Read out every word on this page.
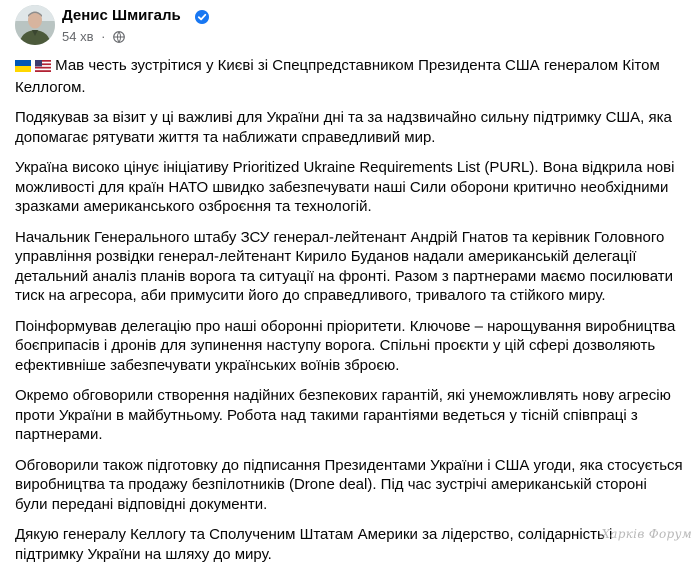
Денис Шмигаль
54 хв ·

Мав честь зустрітися у Києві зі Спецпредставником Президента США генералом Кітом Келлогом.

Подякував за візит у ці важливі для України дні та за надзвичайно сильну підтримку США, яка допомагає рятувати життя та наближати справедливий мир.

Україна високо цінує ініціативу Prioritized Ukraine Requirements List (PURL). Вона відкрила нові можливості для країн НАТО швидко забезпечувати наші Сили оборони критично необхідними зразками американського озброєння та технологій.

Начальник Генерального штабу ЗСУ генерал-лейтенант Андрій Гнатов та керівник Головного управління розвідки генерал-лейтенант Кирило Буданов надали американській делегації детальний аналіз планів ворога та ситуації на фронті. Разом з партнерами маємо посилювати тиск на агресора, аби примусити його до справедливого, тривалого та стійкого миру.

Поінформував делегацію про наші оборонні пріоритети. Ключове – нарощування виробництва боєприпасів і дронів для зупинення наступу ворога. Спільні проєкти у цій сфері дозволяють ефективніше забезпечувати українських воїнів зброєю.

Окремо обговорили створення надійних безпекових гарантій, які унеможливлять нову агресію проти України в майбутньому. Робота над такими гарантіями ведеться у тісній співпраці з партнерами.

Обговорили також підготовку до підписання Президентами України і США угоди, яка стосується виробництва та продажу безпілотників (Drone deal). Під час зустрічі американській стороні були передані відповідні документи.

Дякую генералу Келлогу та Сполученим Штатам Америки за лідерство, солідарність і підтримку України на шляху до миру.

Харків Форум
